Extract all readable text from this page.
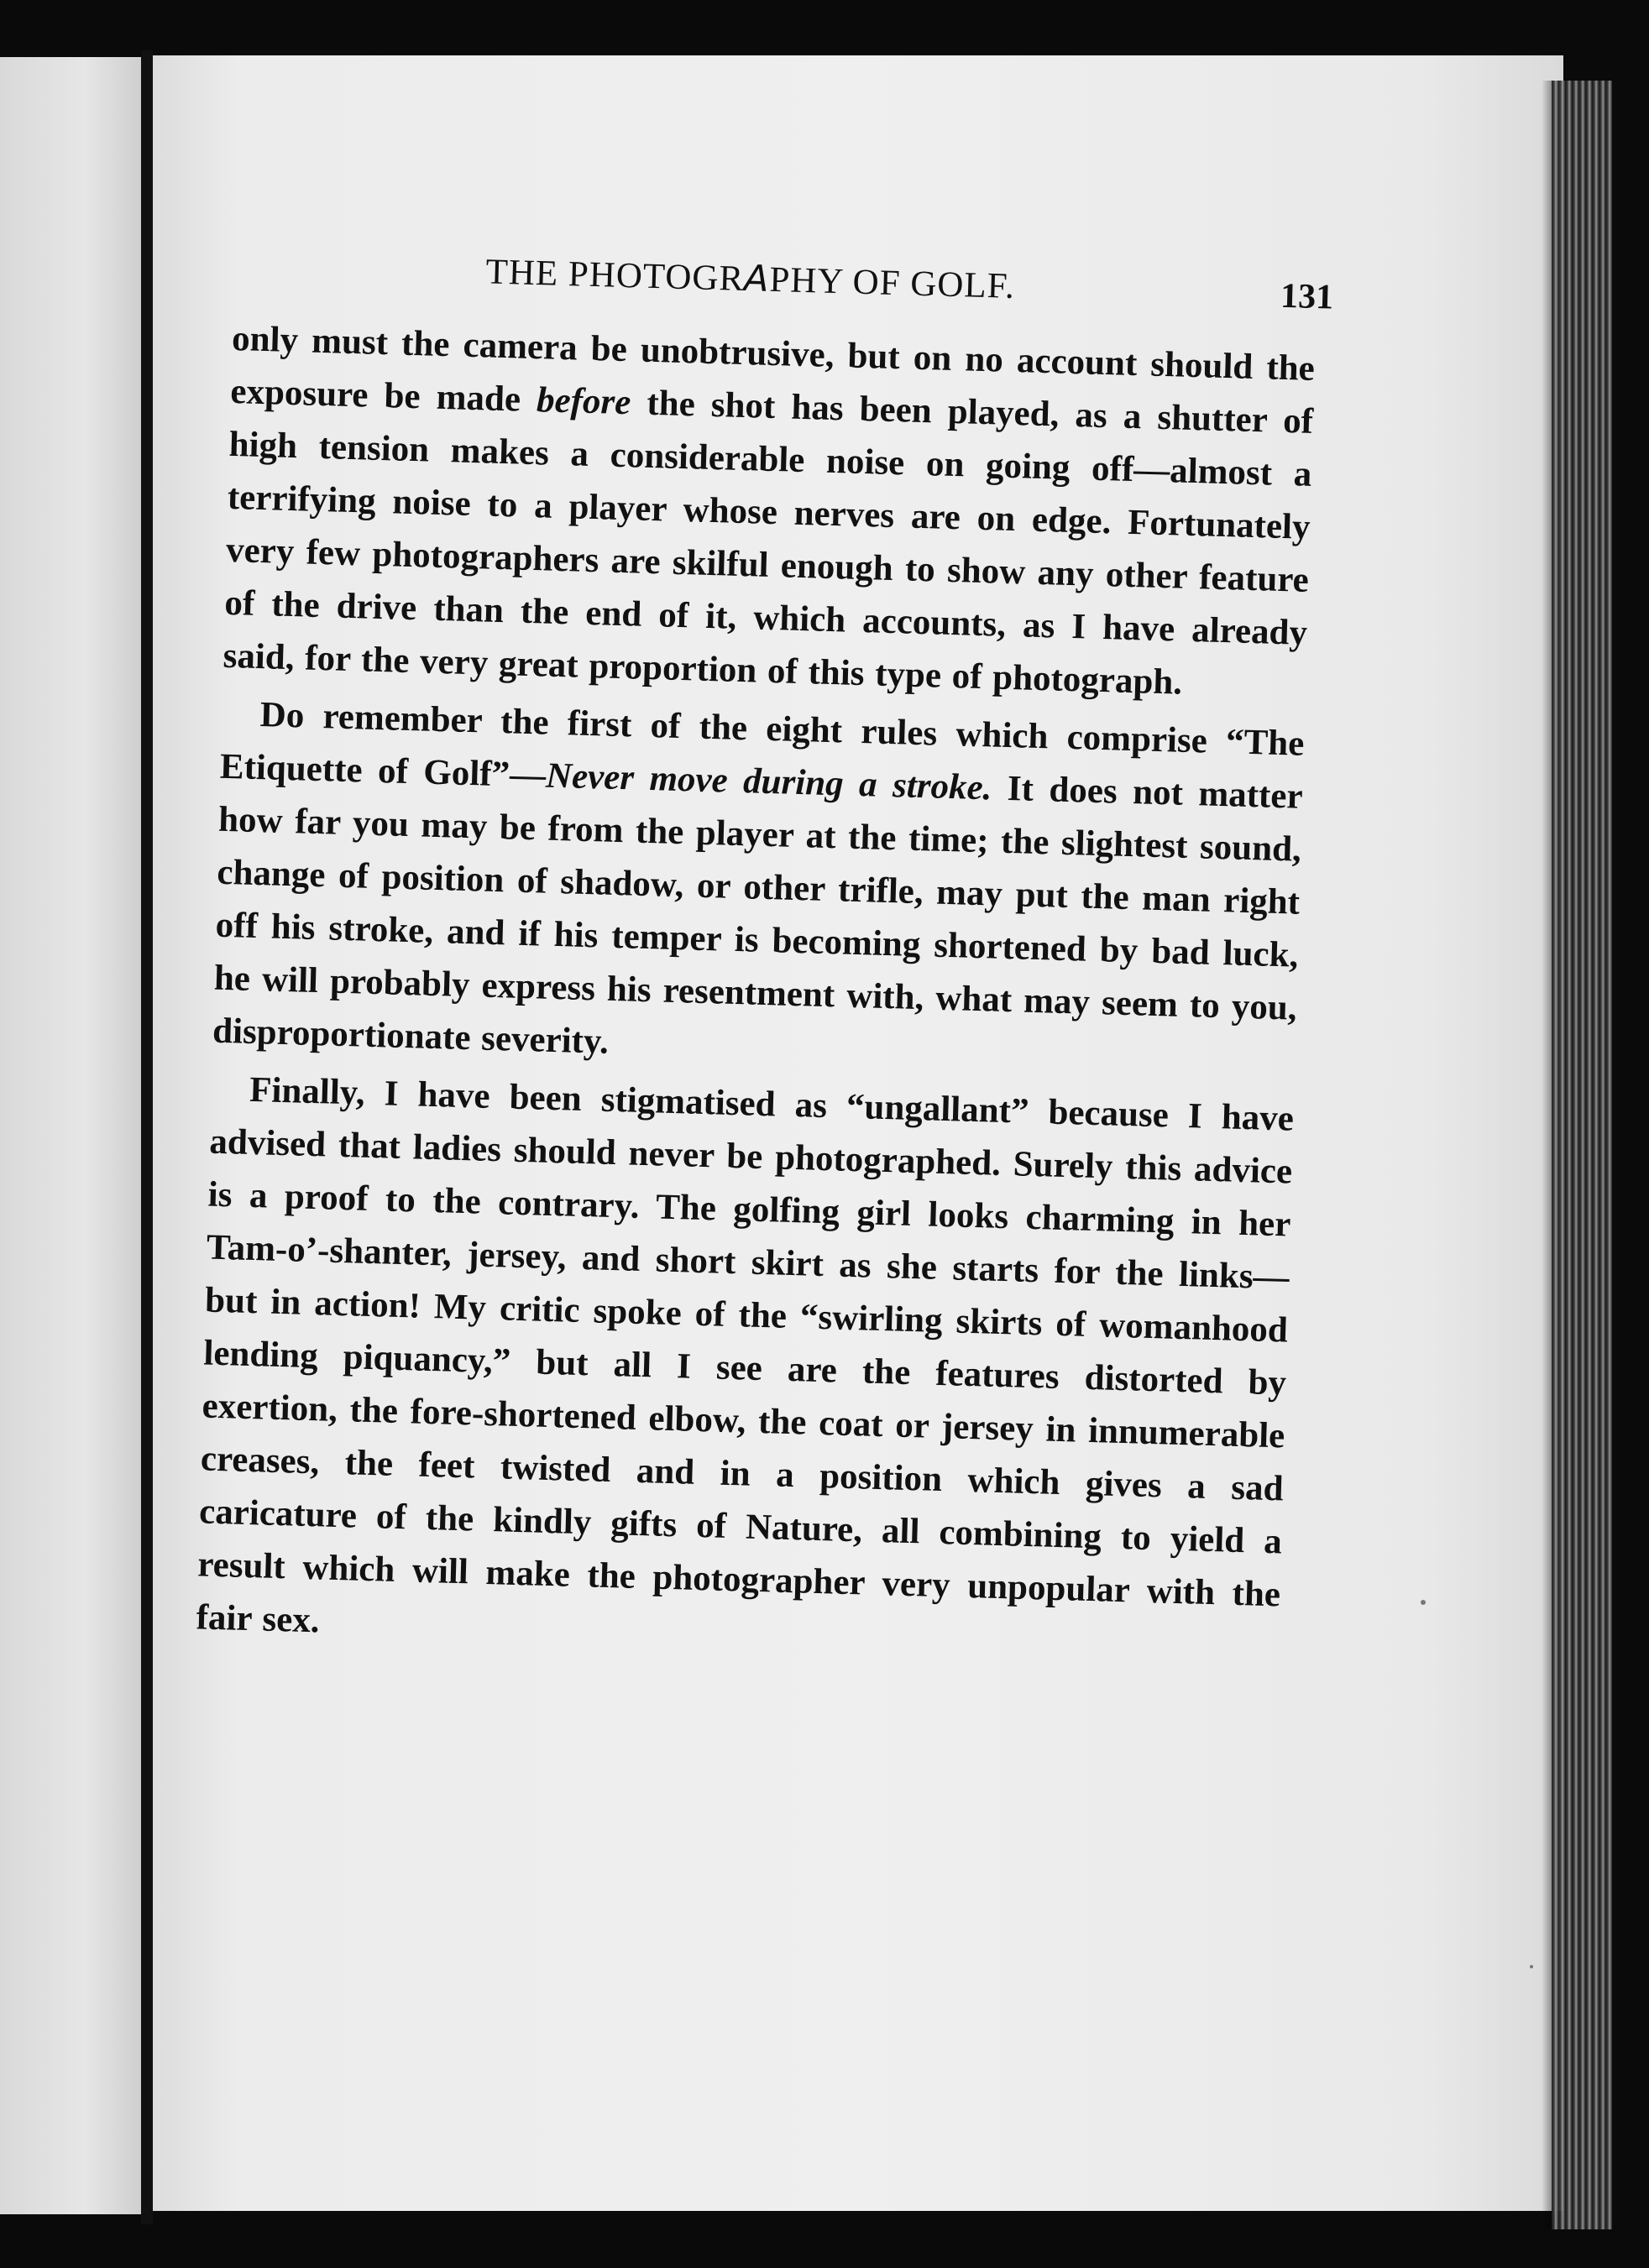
THE PHOTOGR𝘈PHY OF GOLF.	131

only must the camera be unobtrusive, but on no account should the exposure be made before the shot has been played, as a shutter of high tension makes a considerable noise on going off—almost a terrifying noise to a player whose nerves are on edge. Fortunately very few photographers are skilful enough to show any other feature of the drive than the end of it, which accounts, as I have already said, for the very great proportion of this type of photograph.

Do remember the first of the eight rules which comprise “The Etiquette of Golf”—Never move during a stroke. It does not matter how far you may be from the player at the time; the slightest sound, change of position of shadow, or other trifle, may put the man right off his stroke, and if his temper is becoming shortened by bad luck, he will probably express his resentment with, what may seem to you, disproportionate severity.

Finally, I have been stigmatised as “ungallant” because I have advised that ladies should never be photographed. Surely this advice is a proof to the contrary. The golfing girl looks charming in her Tam-o’-shanter, jersey, and short skirt as she starts for the links—but in action! My critic spoke of the “swirling skirts of womanhood lending piquancy,” but all I see are the features distorted by exertion, the fore-shortened elbow, the coat or jersey in innumerable creases, the feet twisted and in a position which gives a sad caricature of the kindly gifts of Nature, all combining to yield a result which will make the photographer very unpopular with the fair sex.
